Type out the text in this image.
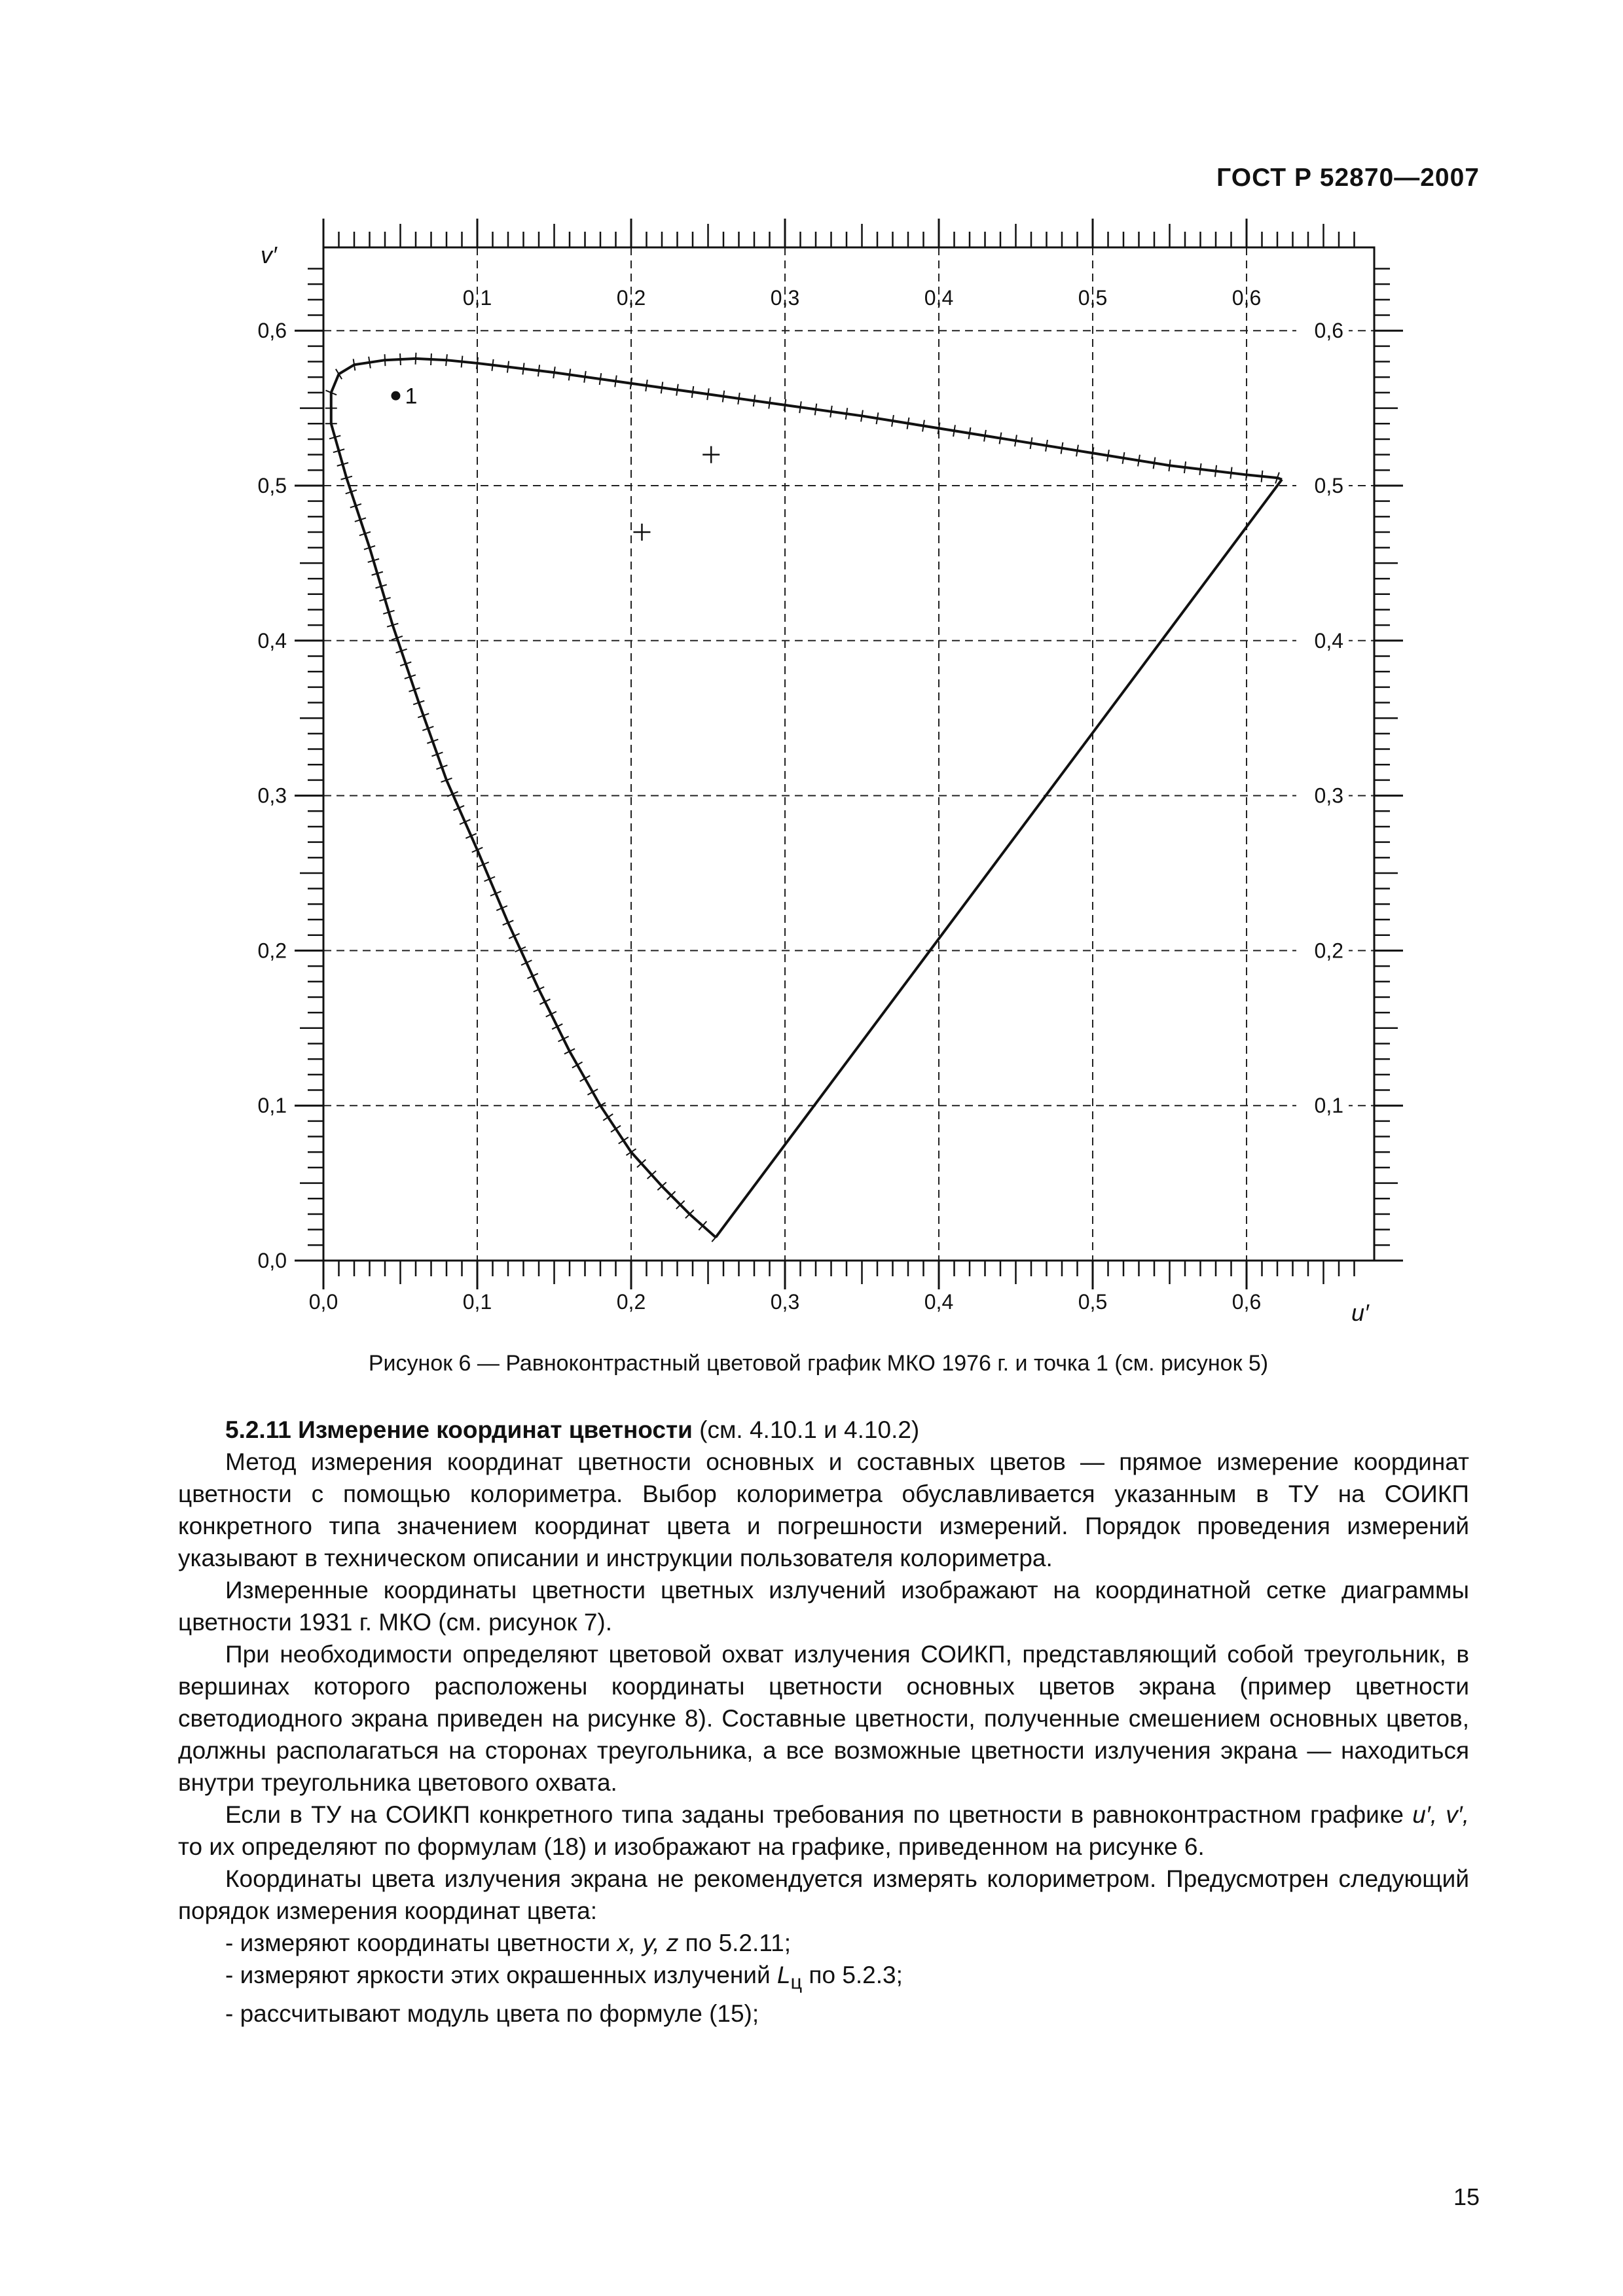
ГОСТ Р 52870—2007
0,0	0,1	0,2	0,3	0,4	0,5	0,6
0,1	0,2	0,3	0,4	0,5	0,6
0,0
0,1
0,2
0,3
0,4
0,5
0,6
0,1
0,2
0,3
0,4
0,5
0,6
1
v′
u′
Рисунок 6 — Равноконтрастный цветовой график МКО 1976 г. и точка 1 (см. рисунок 5)

5.2.11 Измерение координат цветности (см. 4.10.1 и 4.10.2)

Метод измерения координат цветности основных и составных цветов — прямое измерение координат цветности с помощью колориметра. Выбор колориметра обуславливается указанным в ТУ на СОИКП конкретного типа значением координат цвета и погрешности измерений. Порядок проведения измерений указывают в техническом описании и инструкции пользователя колориметра.

Измеренные координаты цветности цветных излучений изображают на координатной сетке диаграммы цветности 1931 г. МКО (см. рисунок 7).

При необходимости определяют цветовой охват излучения СОИКП, представляющий собой треугольник, в вершинах которого расположены координаты цветности основных цветов экрана (пример цветности светодиодного экрана приведен на рисунке 8). Составные цветности, полученные смешением основных цветов, должны располагаться на сторонах треугольника, а все возможные цветности излучения экрана — находиться внутри треугольника цветового охвата.

Если в ТУ на СОИКП конкретного типа заданы требования по цветности в равноконтрастном графике u′, v′, то их определяют по формулам (18) и изображают на графике, приведенном на рисунке 6.

Координаты цвета излучения экрана не рекомендуется измерять колориметром. Предусмотрен следующий порядок измерения координат цвета:

- измеряют координаты цветности x, y, z по 5.2.11;

- измеряют яркости этих окрашенных излучений $L_ц$ по 5.2.3;

- рассчитывают модуль цвета по формуле (15);

15
